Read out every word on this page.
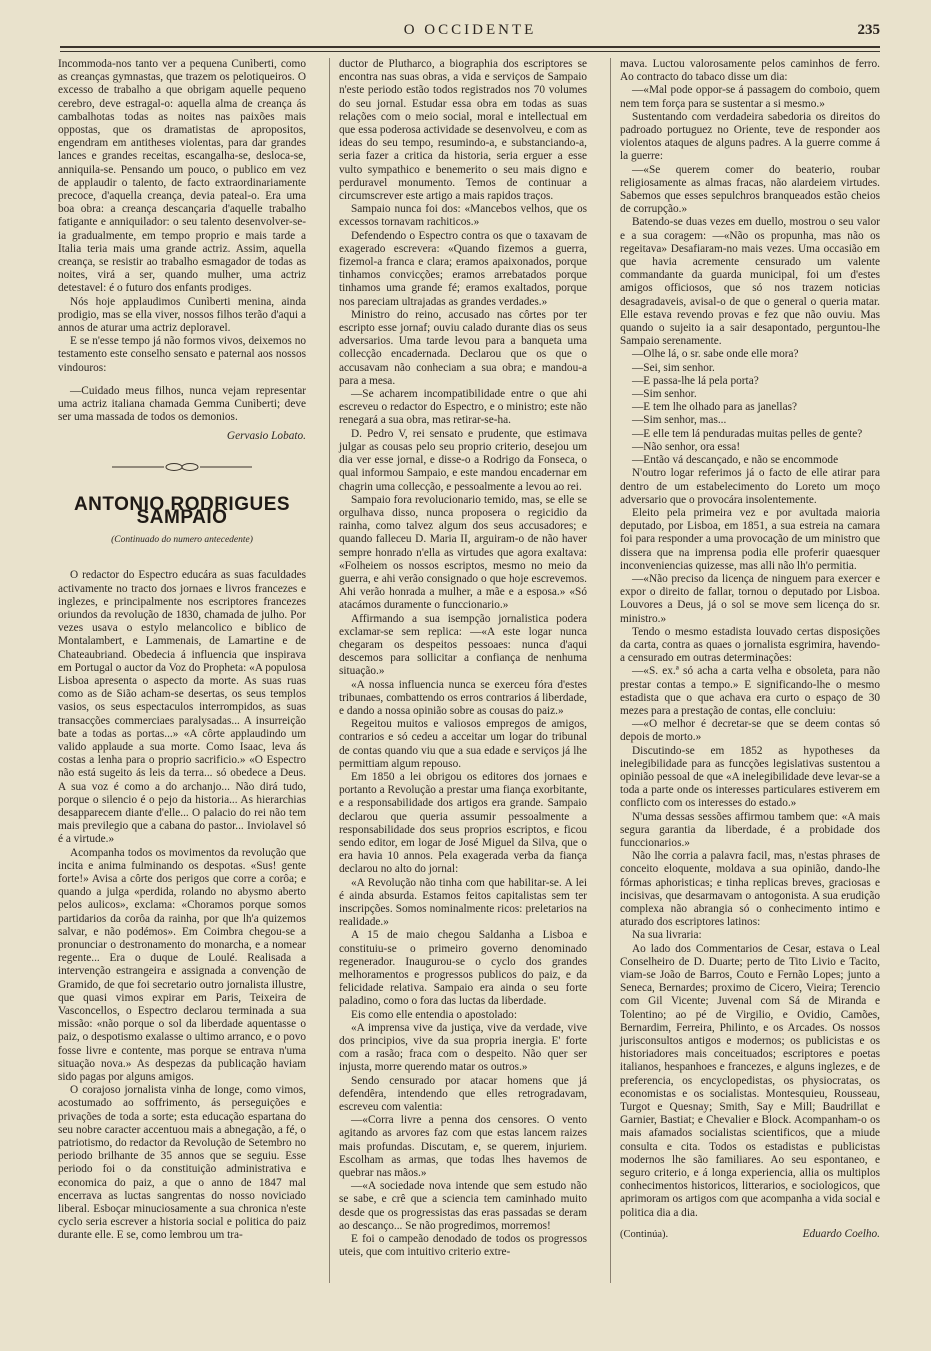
O OCCIDENTE	235

Incommoda-nos tanto ver a pequena Cunìberti, como as creanças gymnastas, que trazem os pelotiqueiros. O excesso de trabalho a que obrigam aquelle pequeno cerebro, deve estragal-o: aquella alma de creança ás cambalhotas todas as noites nas paixões mais oppostas, que os dramatistas de apropositos, engendram em antitheses violentas, para dar grandes lances e grandes receitas, escangalha-se, desloca-se, anniquila-se. Pensando um pouco, o publico em vez de applaudir o talento, de facto extraordinariamente precoce, d'aquella creança, devia pateal-o. Era uma boa obra: a creança descançaria d'aquelle trabalho fatigante e anniquilador: o seu talento desenvolver-se-ia gradualmente, em tempo proprio e mais tarde a Italia teria mais uma grande actriz. Assim, aquella creança, se resistir ao trabalho esmagador de todas as noites, virá a ser, quando mulher, uma actriz detestavel: é o futuro dos enfants prodiges.

Nós hoje applaudimos Cunìberti menina, ainda prodigio, mas se ella viver, nossos filhos terão d'aqui a annos de aturar uma actriz deploravel.

E se n'esse tempo já não formos vivos, deixemos no testamento este conselho sensato e paternal aos nossos vindouros:

—Cuidado meus filhos, nunca vejam representar uma actriz italiana chamada Gemma Cunìberti; deve ser uma massada de todos os demonios.

Gervasio Lobato.
ANTONIO RODRIGUES SAMPAIO
(Continuado do numero antecedente)

O redactor do Espectro educára as suas faculdades activamente no tracto dos jornaes e livros francezes e inglezes, e principalmente nos escriptores francezes oriundos da revolução de 1830, chamada de julho. Por vezes usava o estylo melancolico e biblico de Montalambert, e Lammenais, de Lamartine e de Chateaubriand. Obedecia á influencia que inspirava em Portugal o auctor da Voz do Propheta: «A populosa Lisboa apresenta o aspecto da morte. As suas ruas como as de Sião acham-se desertas, os seus templos vasios, os seus espectaculos interrompidos, as suas transacções commerciaes paralysadas... A insurreição bate a todas as portas...» «A côrte applaudindo um valido applaude a sua morte. Como Isaac, leva ás costas a lenha para o proprio sacrificio.» «O Espectro não está sugeito ás leis da terra... só obedece a Deus. A sua voz é como a do archanjo... Não dirá tudo, porque o silencio é o pejo da historia... As hierarchias desapparecem diante d'elle... O palacio do rei não tem mais previlegio que a cabana do pastor... Inviolavel só é a virtude.»

Acompanha todos os movimentos da revolução que incita e anima fulminando os despotas. «Sus! gente forte!» Avisa a côrte dos perigos que corre a corôa; e quando a julga «perdida, rolando no abysmo aberto pelos aulicos», exclama: «Choramos porque somos partidarios da corôa da rainha, por que lh'a quizemos salvar, e não podémos». Em Coimbra chegou-se a pronunciar o destronamento do monarcha, e a nomear regente... Era o duque de Loulé. Realisada a intervenção estrangeira e assignada a convenção de Gramido, de que foi secretario outro jornalista illustre, que quasi vimos expirar em Paris, Teixeira de Vasconcellos, o Espectro declarou terminada a sua missão: «não porque o sol da liberdade aquentasse o paiz, o despotismo exalasse o ultimo arranco, e o povo fosse livre e contente, mas porque se entrava n'uma situação nova.» As despezas da publicação haviam sido pagas por alguns amigos.

O corajoso jornalista vinha de longe, como vimos, acostumado ao soffrimento, ás perseguições e privações de toda a sorte; esta educação espartana do seu nobre caracter accentuou mais a abnegação, a fé, o patriotismo, do redactor da Revolução de Setembro no periodo brilhante de 35 annos que se seguiu. Esse periodo foi o da constituição administrativa e economica do paiz, a que o anno de 1847 mal encerrava as luctas sangrentas do nosso noviciado liberal. Esboçar minuciosamente a sua chronica n'este cyclo seria escrever a historia social e politica do paiz durante elle. E se, como lembrou um tra-

ductor de Plutharco, a biographia dos escriptores se encontra nas suas obras, a vida e serviços de Sampaio n'este periodo estão todos registrados nos 70 volumes do seu jornal. Estudar essa obra em todas as suas relações com o meio social, moral e intellectual em que essa poderosa actividade se desenvolveu, e com as ideas do seu tempo, resumindo-a, e substanciando-a, seria fazer a critica da historia, seria erguer a esse vulto sympathico e benemerito o seu mais digno e perduravel monumento. Temos de continuar a circumscrever este artigo a mais rapidos traços.

Sampaio nunca foi dos: «Mancebos velhos, que os excessos tornavam rachiticos.»

Defendendo o Espectro contra os que o taxavam de exagerado escrevera: «Quando fizemos a guerra, fizemol-a franca e clara; eramos apaixonados, porque tinhamos convicções; eramos arrebatados porque tinhamos uma grande fé; eramos exaltados, porque nos pareciam ultrajadas as grandes verdades.»

Ministro do reino, accusado nas côrtes por ter escripto esse jornaf; ouviu calado durante dias os seus adversarios. Uma tarde levou para a banqueta uma collecção encadernada. Declarou que os que o accusavam não conheciam a sua obra; e mandou-a para a mesa.

—Se acharem incompatibilidade entre o que ahi escreveu o redactor do Espectro, e o ministro; este não renegará a sua obra, mas retirar-se-ha.

D. Pedro V, rei sensato e prudente, que estimava julgar as cousas pelo seu proprio criterio, desejou um dia ver esse jornal, e disse-o a Rodrigo da Fonseca, o qual informou Sampaio, e este mandou encadernar em chagrin uma collecção, e pessoalmente a levou ao rei.

Sampaio fora revolucionario temido, mas, se elle se orgulhava disso, nunca proposera o regicidio da rainha, como talvez algum dos seus accusadores; e quando falleceu D. Maria II, arguiram-o de não haver sempre honrado n'ella as virtudes que agora exaltava: «Folheiem os nossos escriptos, mesmo no meio da guerra, e ahi verão consignado o que hoje escrevemos. Ahi verão honrada a mulher, a mãe e a esposa.» «Só atacámos duramente o funccionario.»

Affirmando a sua isempção jornalistica podera exclamar-se sem replica: —«A este logar nunca chegaram os despeitos pessoaes: nunca d'aqui descemos para sollicitar a confiança de nenhuma situação.»

«A nossa influencia nunca se exerceu fóra d'estes tribunaes, combattendo os erros contrarios á liberdade, e dando a nossa opinião sobre as cousas do paiz.»

Regeitou muitos e valiosos empregos de amigos, contrarios e só cedeu a acceitar um logar do tribunal de contas quando viu que a sua edade e serviços já lhe permittiam algum repouso.

Em 1850 a lei obrigou os editores dos jornaes e portanto a Revolução a prestar uma fiança exorbitante, e a responsabilidade dos artigos era grande. Sampaio declarou que queria assumir pessoalmente a responsabilidade dos seus proprios escriptos, e ficou sendo editor, em logar de José Miguel da Silva, que o era havia 10 annos. Pela exagerada verba da fiança declarou no alto do jornal:

«A Revolução não tinha com que habilitar-se. A lei é ainda absurda. Estamos feitos capitalistas sem ter inscripções. Somos nominalmente ricos: preletarios na realidade.»

A 15 de maio chegou Saldanha a Lisboa e constituiu-se o primeiro governo denominado regenerador. Inaugurou-se o cyclo dos grandes melhoramentos e progressos publicos do paiz, e da felicidade relativa. Sampaio era ainda o seu forte paladino, como o fora das luctas da liberdade.

Eis como elle entendia o apostolado:

«A imprensa vive da justiça, vive da verdade, vive dos principios, vive da sua propria inergia. E' forte com a rasão; fraca com o despeito. Não quer ser injusta, morre querendo matar os outros.»

Sendo censurado por atacar homens que já defendêra, intendendo que elles retrogradavam, escreveu com valentia:

—«Corra livre a penna dos censores. O vento agitando as arvores faz com que estas lancem raizes mais profundas. Discutam, e, se querem, injuriem. Escolham as armas, que todas lhes havemos de quebrar nas mãos.»

—«A sociedade nova intende que sem estudo não se sabe, e crê que a sciencia tem caminhado muito desde que os progressistas das eras passadas se deram ao descanço... Se não progredimos, morremos!

E foi o campeão denodado de todos os progressos uteis, que com intuitivo criterio extre-

mava. Luctou valorosamente pelos caminhos de ferro. Ao contracto do tabaco disse um dia:

—«Mal pode oppor-se á passagem do comboio, quem nem tem força para se sustentar a si mesmo.»

Sustentando com verdadeira sabedoria os direitos do padroado portuguez no Oriente, teve de responder aos violentos ataques de alguns padres. A la guerre comme á la guerre:

—«Se querem comer do beaterio, roubar religiosamente as almas fracas, não alardeiem virtudes. Sabemos que esses sepulchros branqueados estão cheios de corrupção.»

Batendo-se duas vezes em duello, mostrou o seu valor e a sua coragem: —«Não os propunha, mas não os regeitava» Desafiaram-no mais vezes. Uma occasião em que havia acremente censurado um valente commandante da guarda municipal, foi um d'estes amigos officiosos, que só nos trazem noticias desagradaveis, avisal-o de que o general o queria matar. Elle estava revendo provas e fez que não ouviu. Mas quando o sujeito ia a sair desapontado, perguntou-lhe Sampaio serenamente.

—Olhe lá, o sr. sabe onde elle mora?

—Sei, sim senhor.

—E passa-lhe lá pela porta?

—Sim senhor.

—E tem lhe olhado para as janellas?

—Sim senhor, mas...

—E elle tem lá penduradas muitas pelles de gente?

—Não senhor, ora essa!

—Então vá descançado, e não se encommode

N'outro logar referimos já o facto de elle atirar para dentro de um estabelecimento do Loreto um moço adversario que o provocára insolentemente.

Eleito pela primeira vez e por avultada maioria deputado, por Lisboa, em 1851, a sua estreia na camara foi para responder a uma provocação de um ministro que dissera que na imprensa podia elle proferir quaesquer inconveniencias quizesse, mas alli não lh'o permitia.

—«Não preciso da licença de ninguem para exercer e expor o direito de fallar, tornou o deputado por Lisboa. Louvores a Deus, já o sol se move sem licença do sr. ministro.»

Tendo o mesmo estadista louvado certas disposições da carta, contra as quaes o jornalista esgrimira, havendo-a censurado em outras determinações:

—«S. ex.ª só acha a carta velha e obsoleta, para não prestar contas a tempo.» E significando-lhe o mesmo estadista que o que achava era curto o espaço de 30 mezes para a prestação de contas, elle concluiu:

—«O melhor é decretar-se que se deem contas só depois de morto.»

Discutindo-se em 1852 as hypotheses da inelegibilidade para as funcções legislativas sustentou a opinião pessoal de que «A inelegibilidade deve levar-se a toda a parte onde os interesses particulares estiverem em conflicto com os interesses do estado.»

N'uma dessas sessões affirmou tambem que: «A mais segura garantia da liberdade, é a probidade dos funccionarios.»

Não lhe corria a palavra facil, mas, n'estas phrases de conceito eloquente, moldava a sua opinião, dando-lhe fórmas aphoristicas; e tinha replicas breves, graciosas e incisivas, que desarmavam o antogonista. A sua erudição complexa não abrangia só o conhecimento intimo e aturado dos escriptores latinos:

Na sua livraria:

Ao lado dos Commentarios de Cesar, estava o Leal Conselheiro de D. Duarte; perto de Tito Livio e Tacito, viam-se João de Barros, Couto e Fernão Lopes; junto a Seneca, Bernardes; proximo de Cicero, Vieira; Terencio com Gil Vicente; Juvenal com Sá de Miranda e Tolentino; ao pé de Virgilio, e Ovidio, Camões, Bernardim, Ferreira, Philinto, e os Arcades. Os nossos jurisconsultos antigos e modernos; os publicistas e os historiadores mais conceituados; escriptores e poetas italianos, hespanhoes e francezes, e alguns inglezes, e de preferencia, os encyclopedistas, os physiocratas, os economistas e os socialistas. Montesquieu, Rousseau, Turgot e Quesnay; Smith, Say e Mill; Baudrillat e Garnier, Bastiat; e Chevalier e Block. Acompanham-o os mais afamados socialistas scientificos, que a miude consulta e cita. Todos os estadistas e publicistas modernos lhe são familiares. Ao seu espontaneo, e seguro criterio, e á longa experiencia, allia os multiplos conhecimentos historicos, litterarios, e sociologicos, que aprimoram os artigos com que acompanha a vida social e politica dia a dia.

(Continúa).	Eduardo Coelho.
